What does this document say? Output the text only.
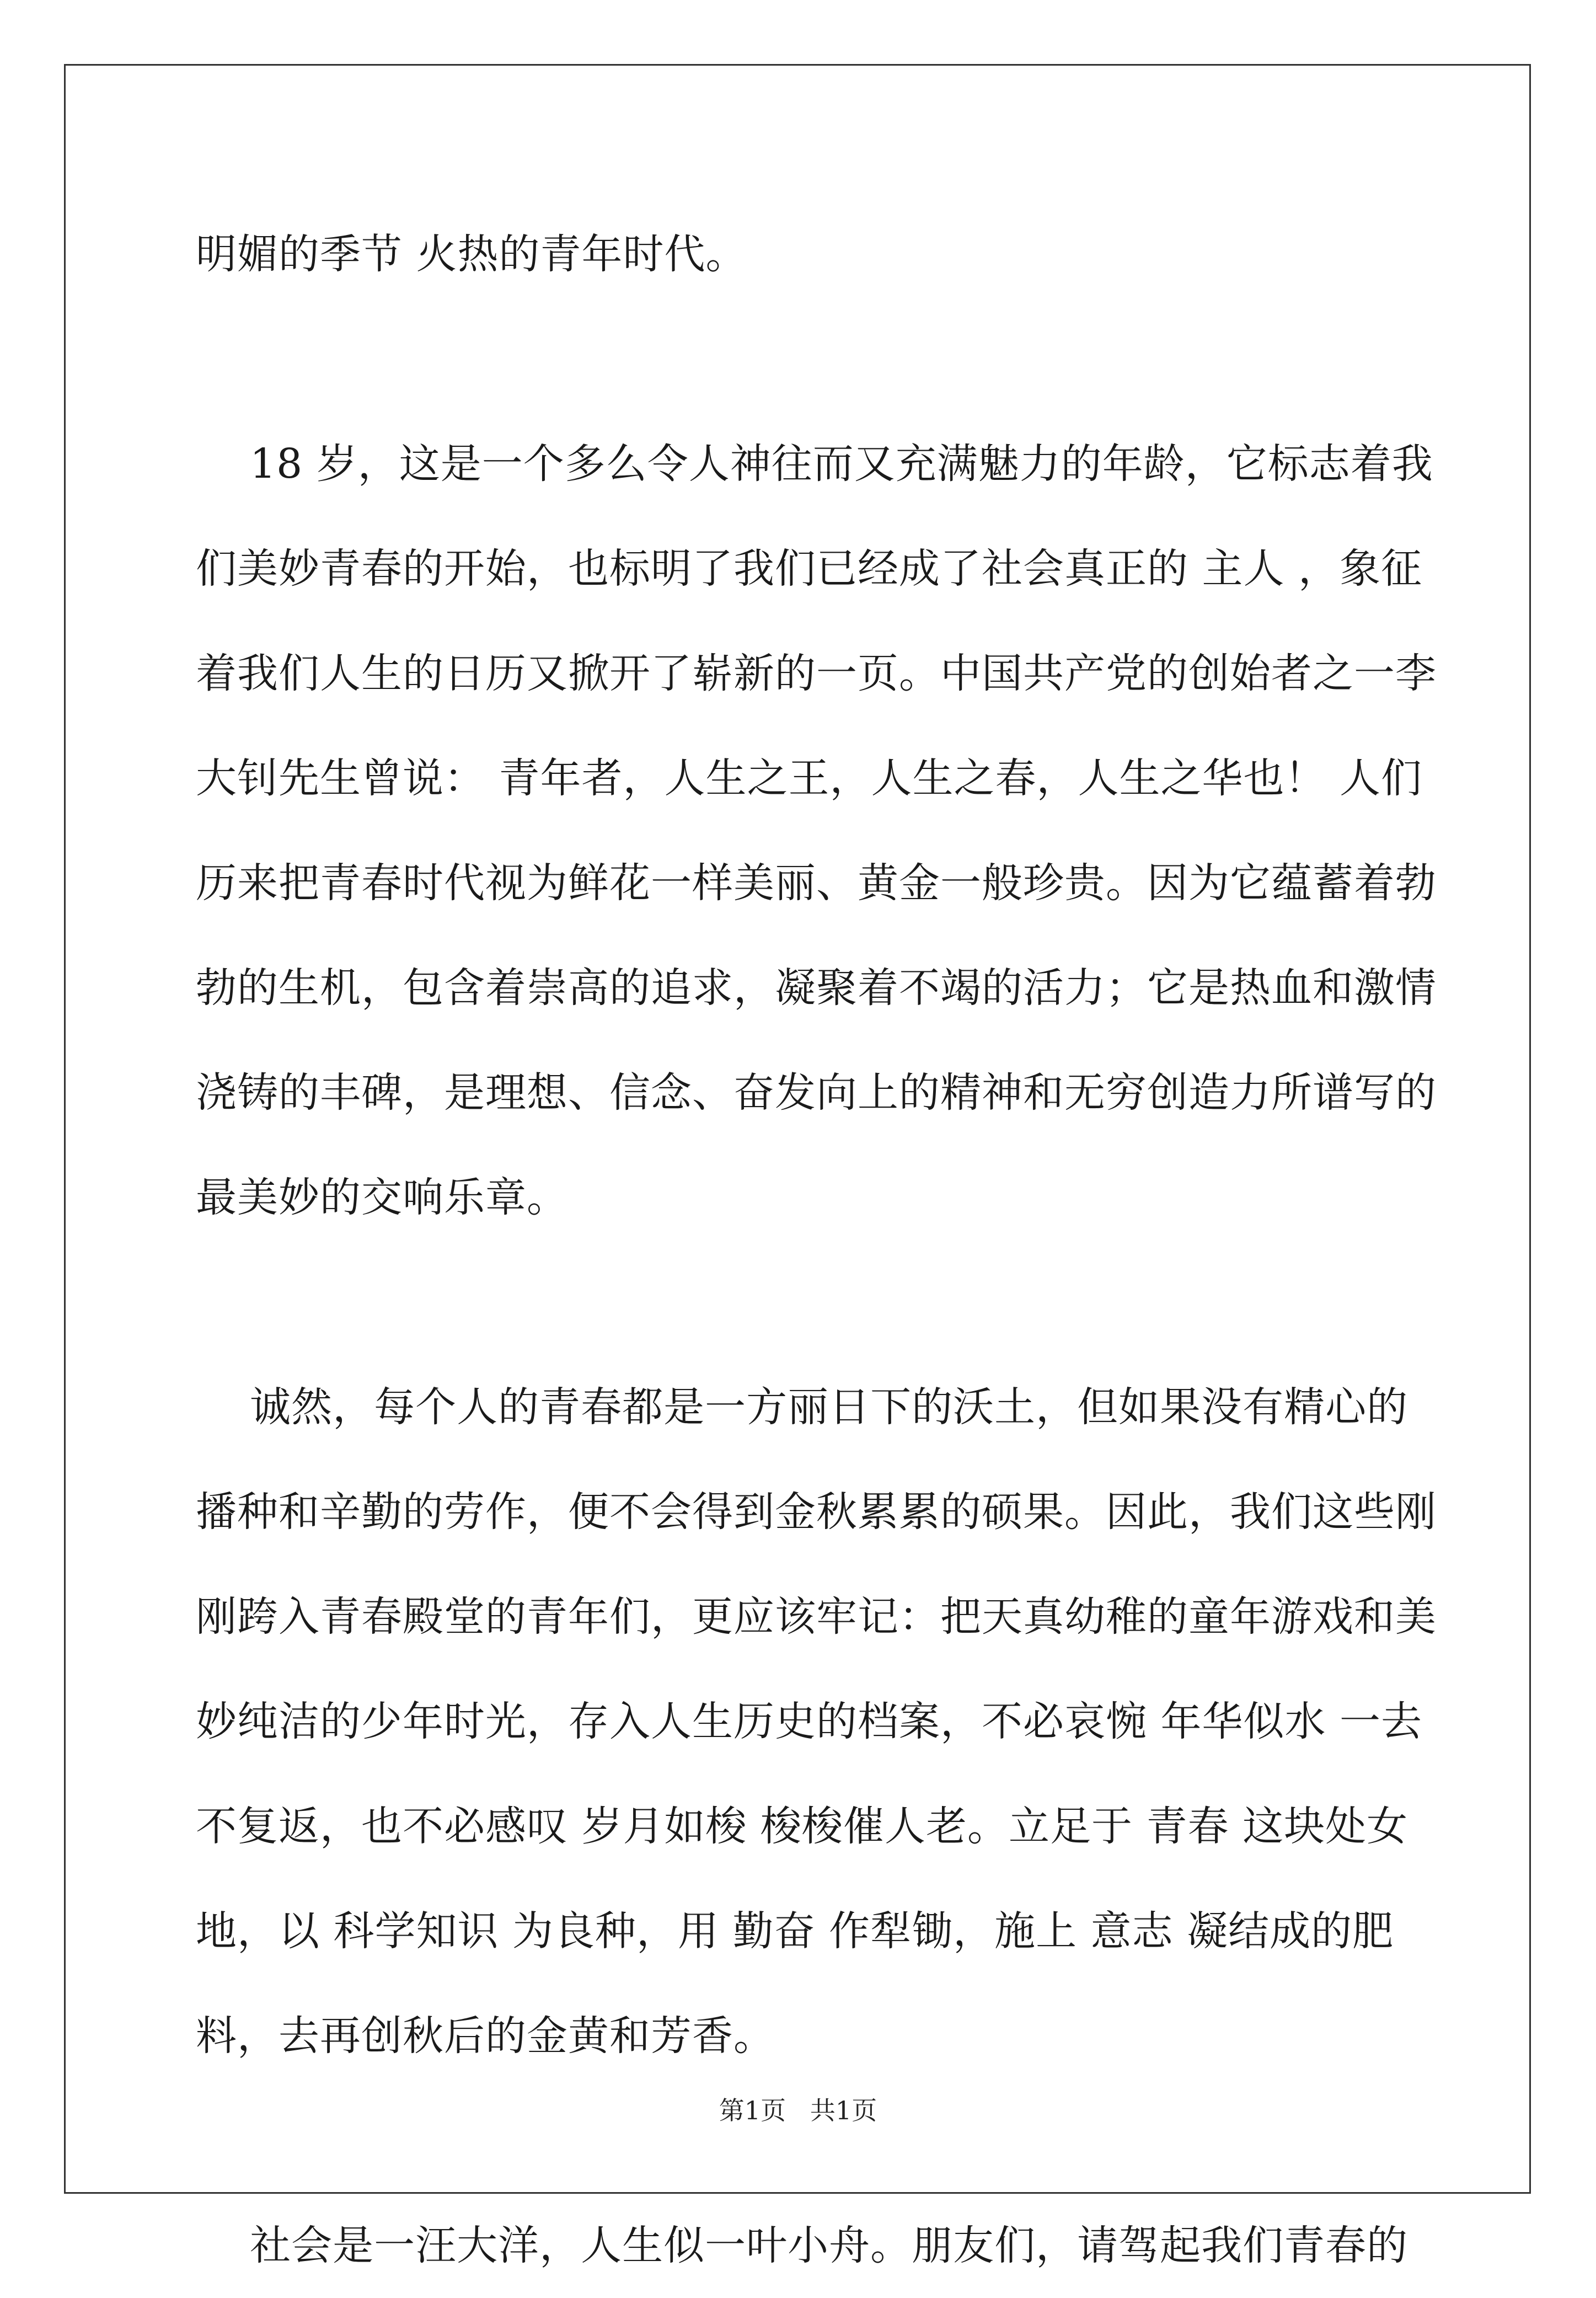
明媚的季节 火热的青年时代。
18 岁，这是一个多么令人神往而又充满魅力的年龄，它标志着我
们美妙青春的开始，也标明了我们已经成了社会真正的 主人 ，象征
着我们人生的日历又掀开了崭新的一页。中国共产党的创始者之一李
大钊先生曾说： 青年者，人生之王，人生之春，人生之华也！ 人们
历来把青春时代视为鲜花一样美丽、黄金一般珍贵。因为它蕴蓄着勃
勃的生机，包含着崇高的追求，凝聚着不竭的活力；它是热血和激情
浇铸的丰碑，是理想、信念、奋发向上的精神和无穷创造力所谱写的
最美妙的交响乐章。
诚然，每个人的青春都是一方丽日下的沃土，但如果没有精心的
播种和辛勤的劳作，便不会得到金秋累累的硕果。因此，我们这些刚
刚跨入青春殿堂的青年们，更应该牢记：把天真幼稚的童年游戏和美
妙纯洁的少年时光，存入人生历史的档案，不必哀惋 年华似水 一去
不复返，也不必感叹 岁月如梭 梭梭催人老。立足于 青春 这块处女
地，以 科学知识 为良种，用 勤奋 作犁锄，施上 意志 凝结成的肥
料，去再创秋后的金黄和芳香。
社会是一汪大洋，人生似一叶小舟。朋友们，请驾起我们青春的
第1页   共1页
